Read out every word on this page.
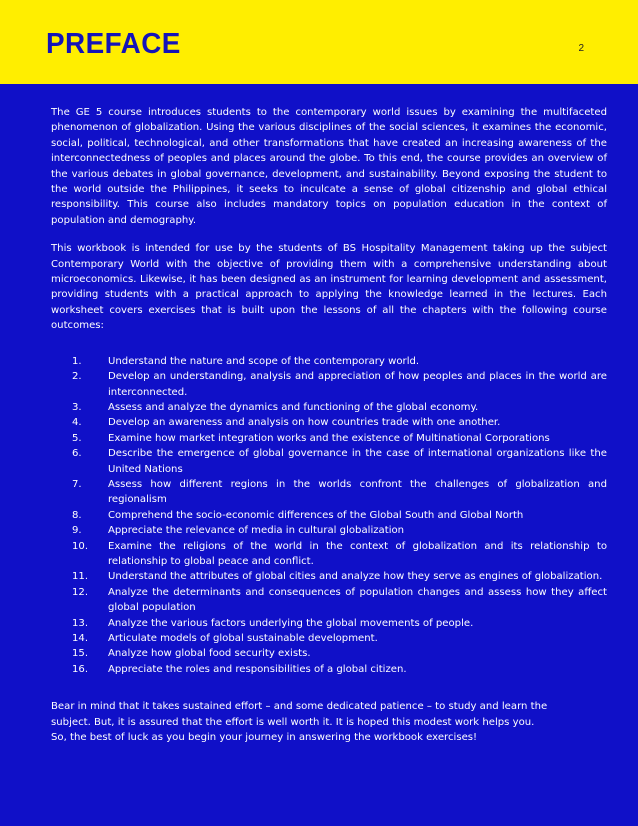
PREFACE	2

The GE 5 course introduces students to the contemporary world issues by examining the multifaceted phenomenon of globalization. Using the various disciplines of the social sciences, it examines the economic, social, political, technological, and other transformations that have created an increasing awareness of the interconnectedness of peoples and places around the globe. To this end, the course provides an overview of the various debates in global governance, development, and sustainability. Beyond exposing the student to the world outside the Philippines, it seeks to inculcate a sense of global citizenship and global ethical responsibility. This course also includes mandatory topics on population education in the context of population and demography.

This workbook is intended for use by the students of BS Hospitality Management taking up the subject Contemporary World with the objective of providing them with a comprehensive understanding about microeconomics. Likewise, it has been designed as an instrument for learning development and assessment, providing students with a practical approach to applying the knowledge learned in the lectures. Each worksheet covers exercises that is built upon the lessons of all the chapters with the following course outcomes:

1.	Understand the nature and scope of the contemporary world.
2.	Develop an understanding, analysis and appreciation of how peoples and places in the world are interconnected.
3.	Assess and analyze the dynamics and functioning of the global economy.
4.	Develop an awareness and analysis on how countries trade with one another.
5.	Examine how market integration works and the existence of Multinational Corporations
6.	Describe the emergence of global governance in the case of international organizations like the United Nations
7.	Assess how different regions in the worlds confront the challenges of globalization and regionalism
8.	Comprehend the socio-economic differences of the Global South and Global North
9.	Appreciate the relevance of media in cultural globalization
10. Examine the religions of the world in the context of globalization and its relationship to relationship to global peace and conflict.
11. Understand the attributes of global cities and analyze how they serve as engines of globalization.
12. Analyze the determinants and consequences of population changes and assess how they affect global population
13. Analyze the various factors underlying the global movements of people.
14. Articulate models of global sustainable development.
15. Analyze how global food security exists.
16. Appreciate the roles and responsibilities of a global citizen.

Bear in mind that it takes sustained effort – and some dedicated patience – to study and learn the subject. But, it is assured that the effort is well worth it. It is hoped this modest work helps you. So, the best of luck as you begin your journey in answering the workbook exercises!
